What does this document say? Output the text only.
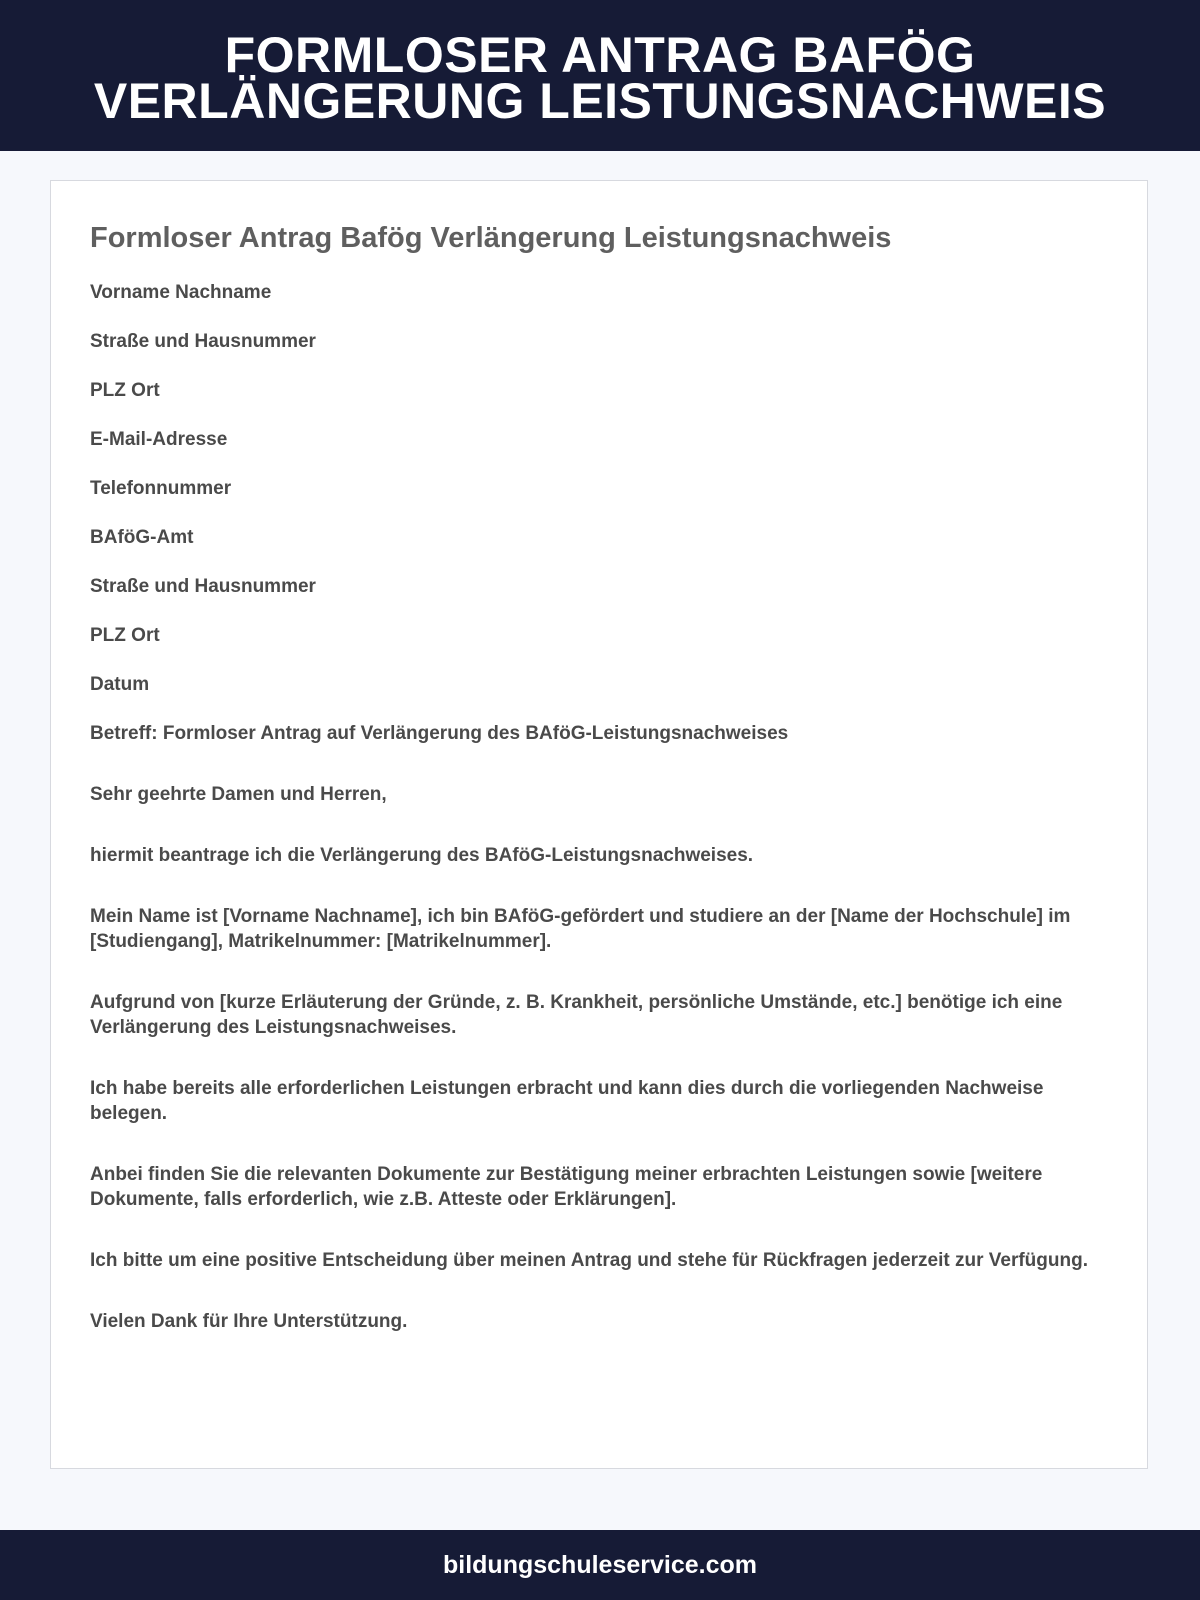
FORMLOSER ANTRAG BAFÖG VERLÄNGERUNG LEISTUNGSNACHWEIS
Formloser Antrag Bafög Verlängerung Leistungsnachweis

Vorname Nachname

Straße und Hausnummer

PLZ Ort

E-Mail-Adresse

Telefonnummer

BAföG-Amt

Straße und Hausnummer

PLZ Ort

Datum

Betreff: Formloser Antrag auf Verlängerung des BAföG-Leistungsnachweises

Sehr geehrte Damen und Herren,

hiermit beantrage ich die Verlängerung des BAföG-Leistungsnachweises.

Mein Name ist [Vorname Nachname], ich bin BAföG-gefördert und studiere an der [Name der Hochschule] im [Studiengang], Matrikelnummer: [Matrikelnummer].

Aufgrund von [kurze Erläuterung der Gründe, z. B. Krankheit, persönliche Umstände, etc.] benötige ich eine Verlängerung des Leistungsnachweises.

Ich habe bereits alle erforderlichen Leistungen erbracht und kann dies durch die vorliegenden Nachweise belegen.

Anbei finden Sie die relevanten Dokumente zur Bestätigung meiner erbrachten Leistungen sowie [weitere Dokumente, falls erforderlich, wie z.B. Atteste oder Erklärungen].

Ich bitte um eine positive Entscheidung über meinen Antrag und stehe für Rückfragen jederzeit zur Verfügung.

Vielen Dank für Ihre Unterstützung.

bildungschuleservice.com
